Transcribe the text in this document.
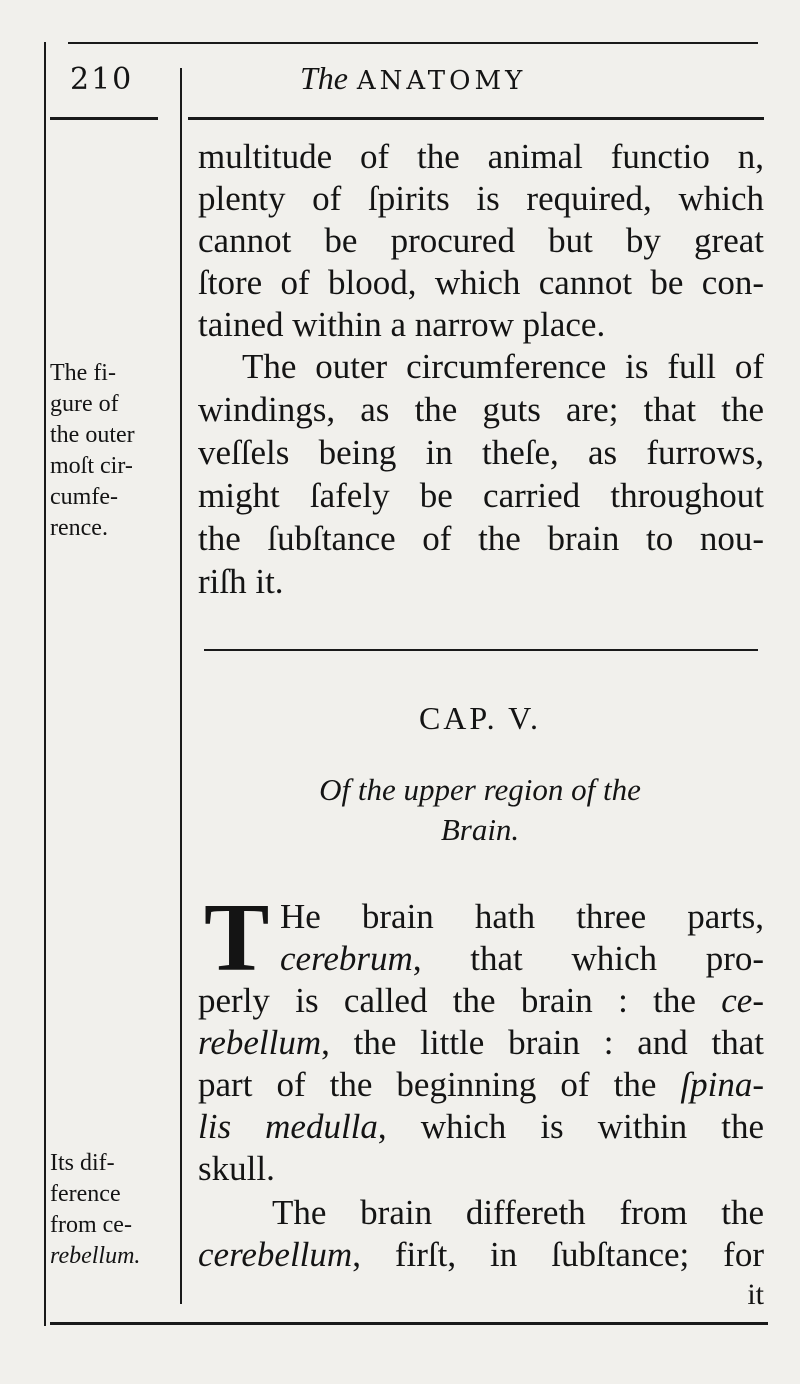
210	The ANATOMY
multitude of the animal functio n,
plenty of ſpirits is required, which
cannot be procured but by great
ſtore of blood, which cannot be con-
tained within a narrow place.
The outer circumference is full of
windings, as the guts are; that the
veſſels being in theſe, as furrows,
might ſafely be carried throughout
the ſubſtance of the brain to nou-
riſh it.
The fi-
gure of
the outer
moſt cir-
cumfe-
rence.
CAP. V.
Of the upper region of the
Brain.
T He brain hath three parts,
cerebrum, that which pro-
perly is called the brain : the ce-
rebellum, the little brain : and that
part of the beginning of the ſpina-
lis medulla, which is within the
skull.
The brain differeth from the
cerebellum, firſt, in ſubſtance; for
it
Its dif-
ference
from ce-
rebellum.
